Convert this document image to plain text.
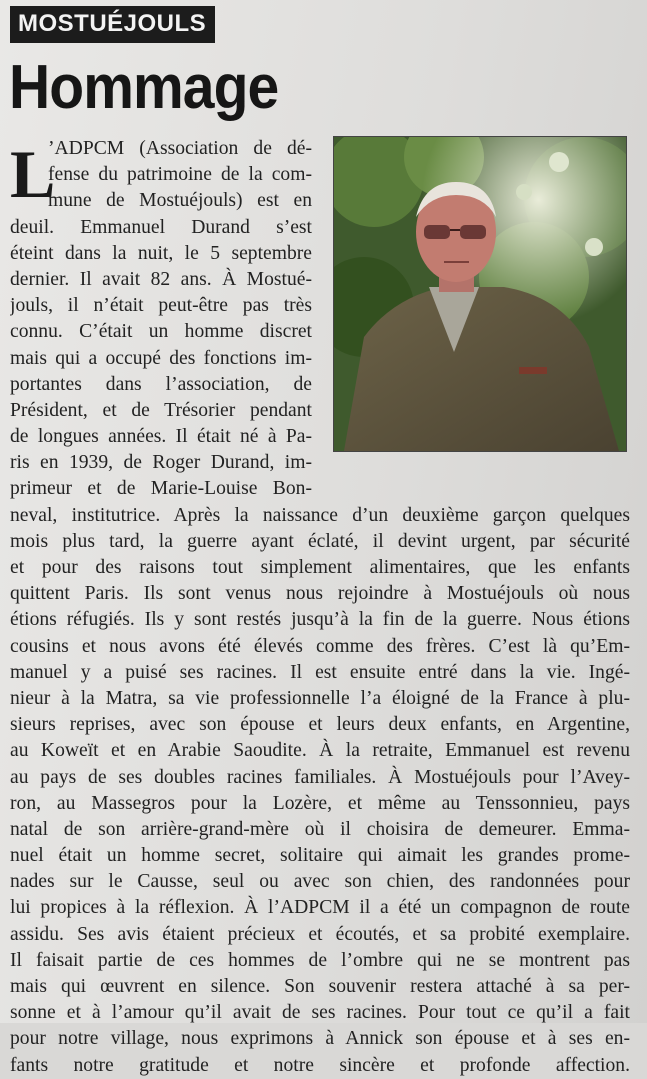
MOSTUÉJOULS
Hommage
L
’ADPCM (Association de dé-
fense du patrimoine de la com-
mune de Mostuéjouls) est en
deuil. Emmanuel Durand s’est
éteint dans la nuit, le 5 septembre
dernier. Il avait 82 ans. À Mostué-
jouls, il n’était peut-être pas très
connu. C’était un homme discret
mais qui a occupé des fonctions im-
portantes dans l’association, de
Président, et de Trésorier pendant
de longues années. Il était né à Pa-
ris en 1939, de Roger Durand, im-
primeur et de Marie-Louise Bon-
neval, institutrice. Après la naissance d’un deuxième garçon quelques
mois plus tard, la guerre ayant éclaté, il devint urgent, par sécurité
et pour des raisons tout simplement alimentaires, que les enfants
quittent Paris. Ils sont venus nous rejoindre à Mostuéjouls où nous
étions réfugiés. Ils y sont restés jusqu’à la fin de la guerre. Nous étions
cousins et nous avons été élevés comme des frères. C’est là qu’Em-
manuel y a puisé ses racines. Il est ensuite entré dans la vie. Ingé-
nieur à la Matra, sa vie professionnelle l’a éloigné de la France à plu-
sieurs reprises, avec son épouse et leurs deux enfants, en Argentine,
au Koweït et en Arabie Saoudite. À la retraite, Emmanuel est revenu
au pays de ses doubles racines familiales. À Mostuéjouls pour l’Avey-
ron, au Massegros pour la Lozère, et même au Tenssonnieu, pays
natal de son arrière-grand-mère où il choisira de demeurer. Emma-
nuel était un homme secret, solitaire qui aimait les grandes prome-
nades sur le Causse, seul ou avec son chien, des randonnées pour
lui propices à la réflexion. À l’ADPCM il a été un compagnon de route
assidu. Ses avis étaient précieux et écoutés, et sa probité exemplaire.
Il faisait partie de ces hommes de l’ombre qui ne se montrent pas
mais qui œuvrent en silence. Son souvenir restera attaché à sa per-
sonne et à l’amour qu’il avait de ses racines. Pour tout ce qu’il a fait
pour notre village, nous exprimons à Annick son épouse et à ses en-
fants notre gratitude et notre sincère et profonde affection.
